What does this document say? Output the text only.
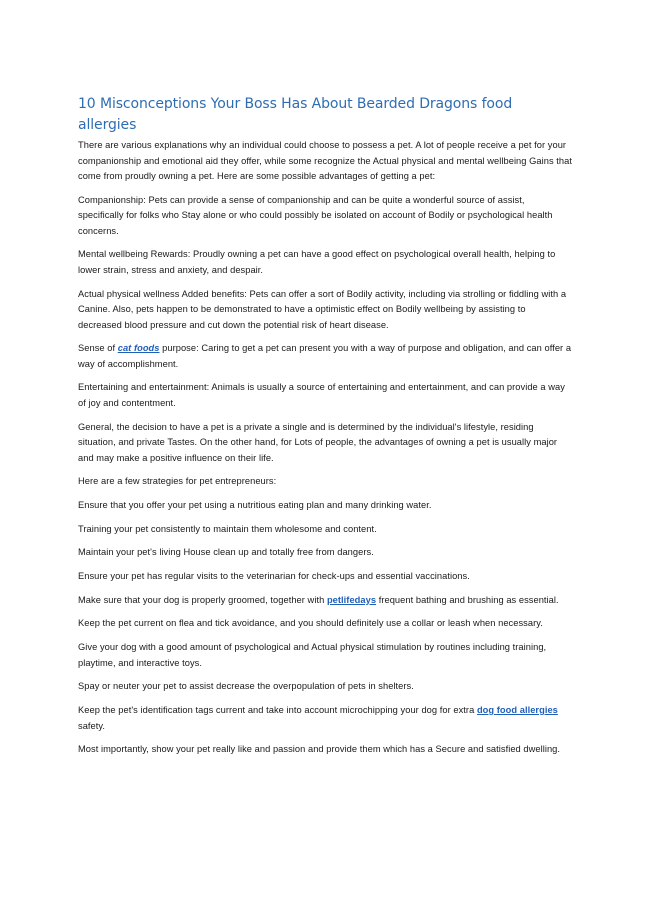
10 Misconceptions Your Boss Has About Bearded Dragons food allergies

There are various explanations why an individual could choose to possess a pet. A lot of people receive a pet for your companionship and emotional aid they offer, while some recognize the Actual physical and mental wellbeing Gains that come from proudly owning a pet. Here are some possible advantages of getting a pet:

Companionship: Pets can provide a sense of companionship and can be quite a wonderful source of assist, specifically for folks who Stay alone or who could possibly be isolated on account of Bodily or psychological health concerns.

Mental wellbeing Rewards: Proudly owning a pet can have a good effect on psychological overall health, helping to lower strain, stress and anxiety, and despair.

Actual physical wellness Added benefits: Pets can offer a sort of Bodily activity, including via strolling or fiddling with a Canine. Also, pets happen to be demonstrated to have a optimistic effect on Bodily wellbeing by assisting to decreased blood pressure and cut down the potential risk of heart disease.

Sense of cat foods purpose: Caring to get a pet can present you with a way of purpose and obligation, and can offer a way of accomplishment.

Entertaining and entertainment: Animals is usually a source of entertaining and entertainment, and can provide a way of joy and contentment.

General, the decision to have a pet is a private a single and is determined by the individual's lifestyle, residing situation, and private Tastes. On the other hand, for Lots of people, the advantages of owning a pet is usually major and may make a positive influence on their life.

Here are a few strategies for pet entrepreneurs:

Ensure that you offer your pet using a nutritious eating plan and many drinking water.

Training your pet consistently to maintain them wholesome and content.

Maintain your pet's living House clean up and totally free from dangers.

Ensure your pet has regular visits to the veterinarian for check-ups and essential vaccinations.

Make sure that your dog is properly groomed, together with petlifedays frequent bathing and brushing as essential.

Keep the pet current on flea and tick avoidance, and you should definitely use a collar or leash when necessary.

Give your dog with a good amount of psychological and Actual physical stimulation by routines including training, playtime, and interactive toys.

Spay or neuter your pet to assist decrease the overpopulation of pets in shelters.

Keep the pet's identification tags current and take into account microchipping your dog for extra dog food allergies safety.

Most importantly, show your pet really like and passion and provide them which has a Secure and satisfied dwelling.
